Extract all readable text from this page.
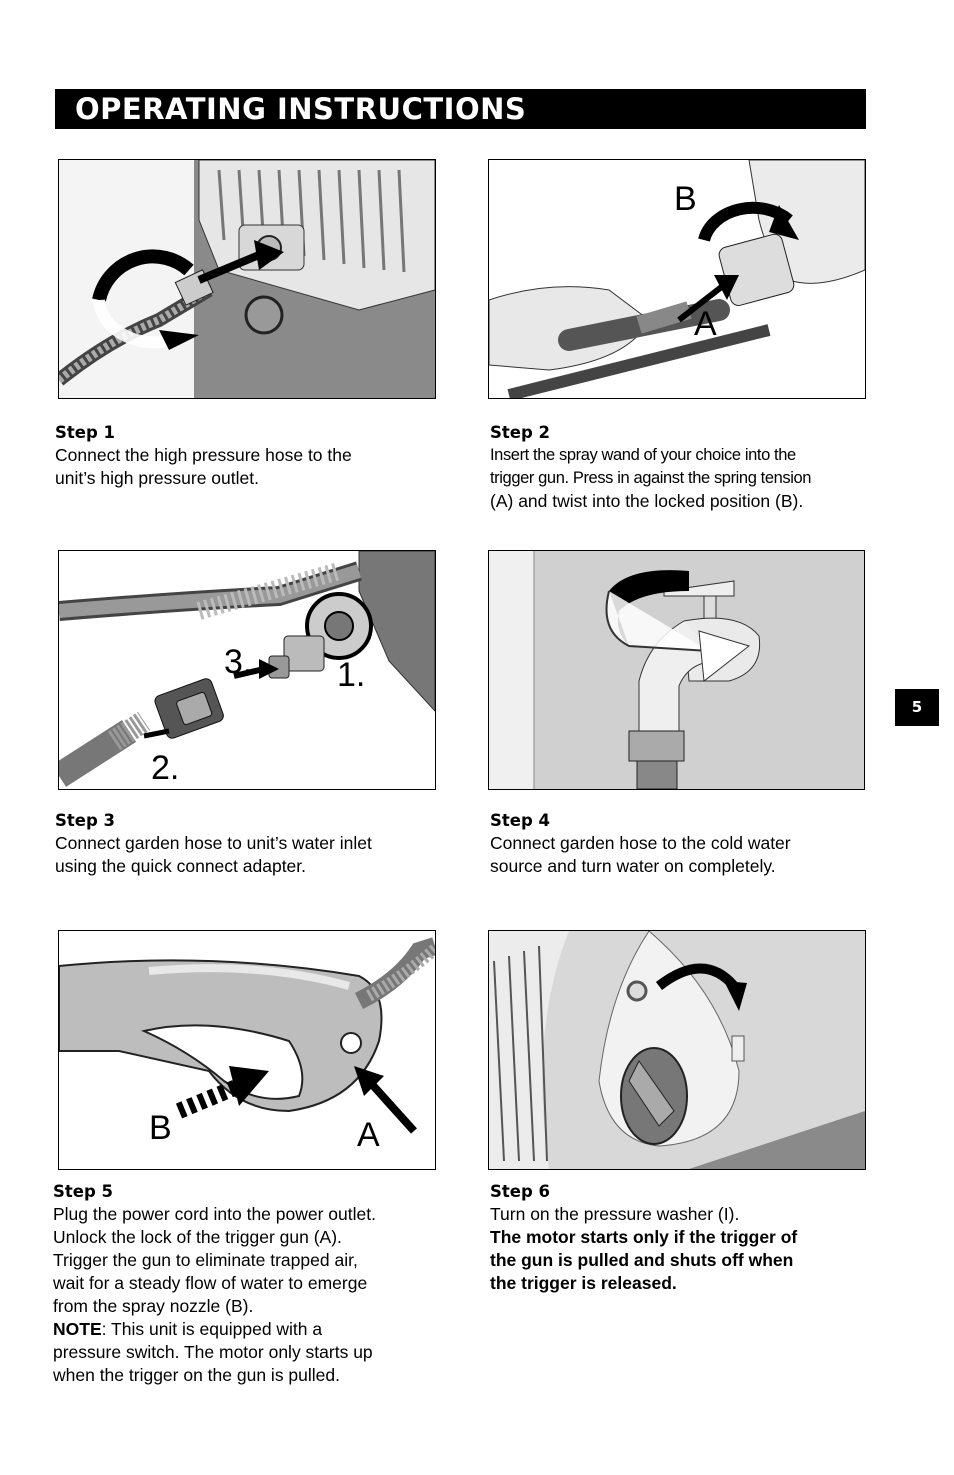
OPERATING INSTRUCTIONS
B
A
Step 1

Connect the high pressure hose to the

unit’s high pressure outlet.

Step 2

Insert the spray wand of your choice into the

trigger gun. Press in against the spring tension

(A) and twist into the locked position (B).

3. 1.
2.
5
Step 3

Connect garden hose to unit’s water inlet

using the quick connect adapter.

Step 4

Connect garden hose to the cold water

source and turn water on completely.

B	A
Step 5

Plug the power cord into the power outlet.

Unlock the lock of the trigger gun (A).

Trigger the gun to eliminate trapped air,

wait for a steady flow of water to emerge

from the spray nozzle (B).

NOTE: This unit is equipped with a

pressure switch. The motor only starts up

when the trigger on the gun is pulled.

Step 6

Turn on the pressure washer (I).

The motor starts only if the trigger of

the gun is pulled and shuts off when

the trigger is released.
